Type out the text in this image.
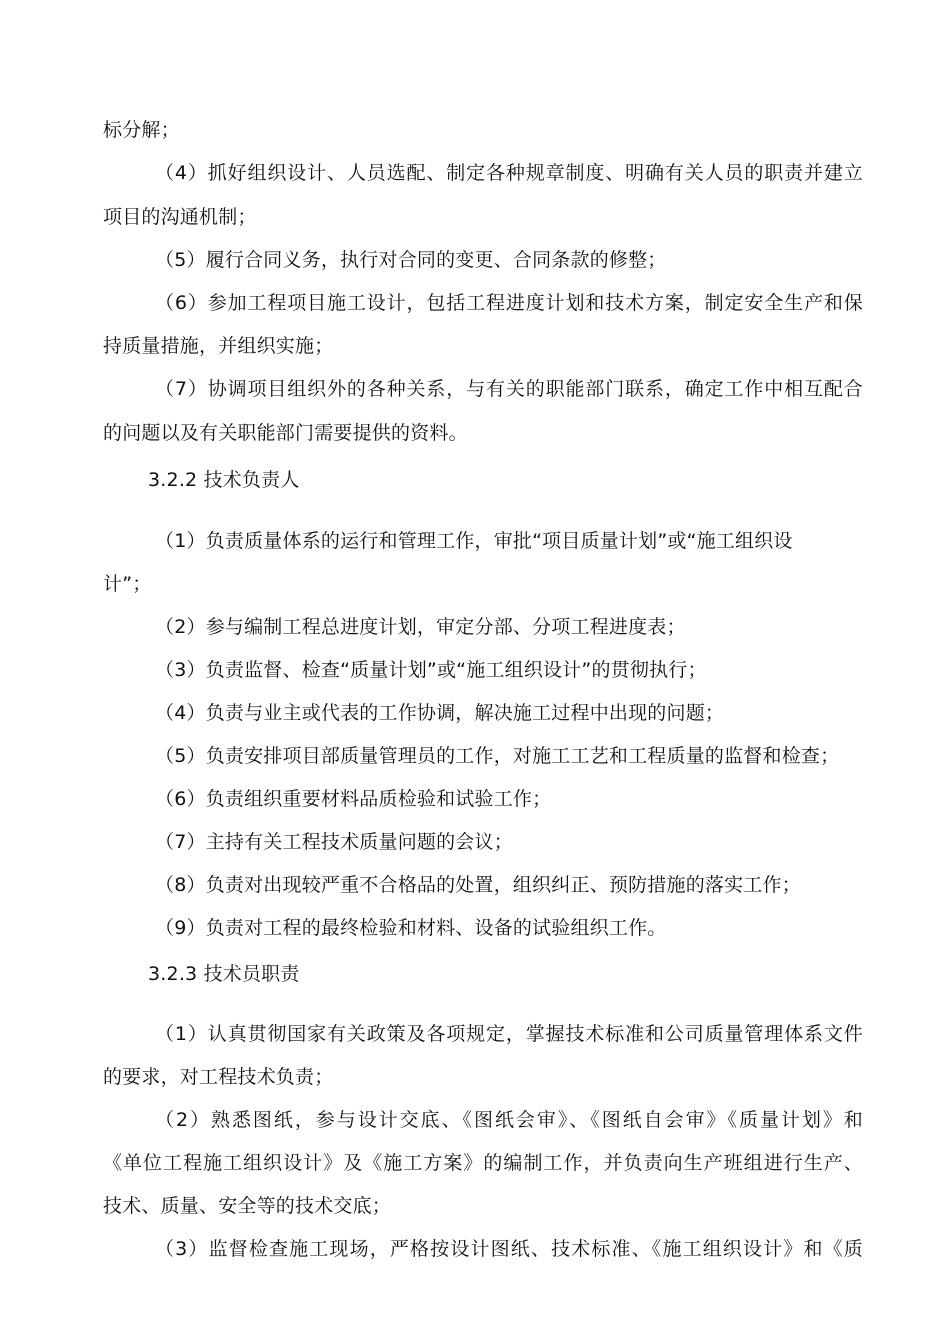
标分解；
（4）抓好组织设计、人员选配、制定各种规章制度、明确有关人员的职责并建立
项目的沟通机制；
（5）履行合同义务，执行对合同的变更、合同条款的修整；
（6）参加工程项目施工设计，包括工程进度计划和技术方案，制定安全生产和保
持质量措施，并组织实施；
（7）协调项目组织外的各种关系，与有关的职能部门联系，确定工作中相互配合
的问题以及有关职能部门需要提供的资料。
3.2.2 技术负责人
（1）负责质量体系的运行和管理工作，审批“项目质量计划”或“施工组织设
计”；
（2）参与编制工程总进度计划，审定分部、分项工程进度表；
（3）负责监督、检查“质量计划”或“施工组织设计”的贯彻执行；
（4）负责与业主或代表的工作协调，解决施工过程中出现的问题；
（5）负责安排项目部质量管理员的工作，对施工工艺和工程质量的监督和检查；
（6）负责组织重要材料品质检验和试验工作；
（7）主持有关工程技术质量问题的会议；
（8）负责对出现较严重不合格品的处置，组织纠正、预防措施的落实工作；
（9）负责对工程的最终检验和材料、设备的试验组织工作。
3.2.3 技术员职责
（1）认真贯彻国家有关政策及各项规定，掌握技术标准和公司质量管理体系文件
的要求，对工程技术负责；
（2）熟悉图纸，参与设计交底、《图纸会审》、《图纸自会审》《质量计划》和
《单位工程施工组织设计》及《施工方案》的编制工作，并负责向生产班组进行生产、
技术、质量、安全等的技术交底；
（3）监督检查施工现场，严格按设计图纸、技术标准、《施工组织设计》和《质
